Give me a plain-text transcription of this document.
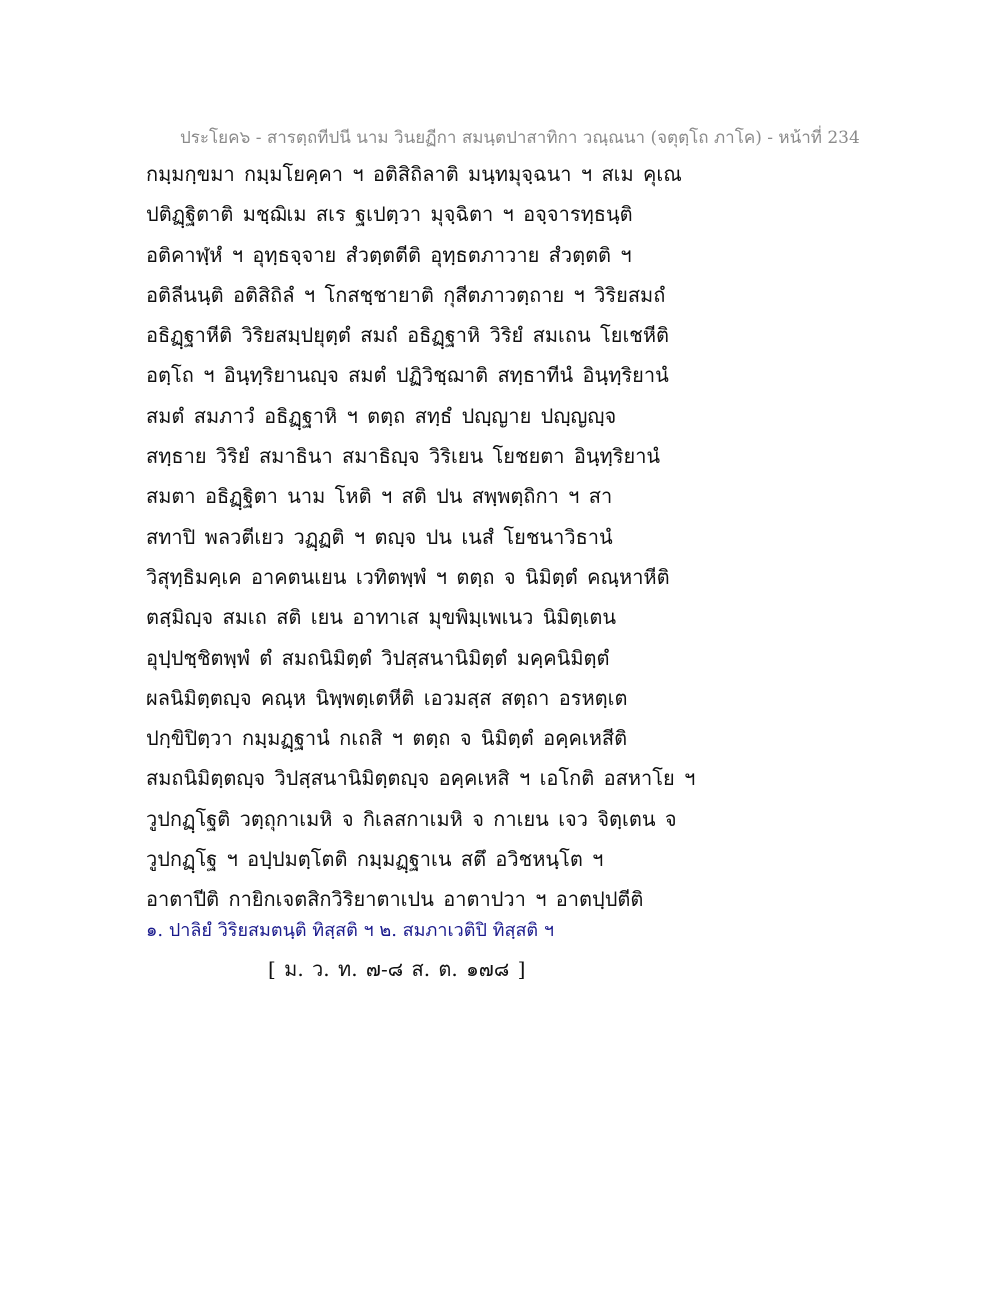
ประโยค๖ - สารตฺถทีปนี นาม วินยฏีกา สมนฺตปาสาทิกา วณฺณนา (จตุตฺโถ ภาโค) - หน้าที่ 234
กมฺมกฺขมา กมฺมโยคฺคา ฯ อติสิถิลาติ มนฺทมุจฺฉนา ฯ สเม คุเณ
ปติฏฺฐิตาติ มชฺฌิเม สเร ฐเปตฺวา มุจฺฉิตา ฯ อจฺจารทฺธนฺติ
อติคาฬฺหํ ฯ อุทฺธจฺจาย สํวตฺตตีติ อุทฺธตภาวาย สํวตฺตติ ฯ
อติลีนนฺติ อติสิถิลํ ฯ โกสชฺชายาติ กุสีตภาวตฺถาย ฯ วิริยสมถํ
อธิฏฺฐาหีติ วิริยสมฺปยุตฺตํ สมถํ อธิฏฺฐาหิ วิริยํ สมเถน โยเชหีติ
อตฺโถ ฯ อินฺทฺริยานญฺจ สมตํ ปฏิวิชฺฌาติ สทฺธาทีนํ อินฺทฺริยานํ
สมตํ สมภาวํ อธิฏฺฐาหิ ฯ ตตฺถ สทฺธํ ปญฺญาย ปญฺญญฺจ
สทฺธาย วิริยํ สมาธินา สมาธิญฺจ วิริเยน โยชยตา อินฺทฺริยานํ
สมตา อธิฏฺฐิตา นาม โหติ ฯ สติ ปน สพฺพตฺถิกา ฯ สา
สทาปิ พลวตีเยว วฏฺฏติ ฯ ตญฺจ ปน เนสํ โยชนาวิธานํ
วิสุทฺธิมคฺเค อาคตนเยน เวทิตพฺพํ ฯ ตตฺถ จ นิมิตฺตํ คณฺหาหีติ
ตสฺมิญฺจ สมเถ สติ เยน อาทาเส มุขพิมฺเพเนว นิมิตฺเตน
อุปฺปชฺชิตพฺพํ ตํ สมถนิมิตฺตํ วิปสฺสนานิมิตฺตํ มคฺคนิมิตฺตํ
ผลนิมิตฺตญฺจ คณฺห นิพฺพตฺเตหีติ เอวมสฺส สตฺถา อรหตฺเต
ปกฺขิปิตฺวา กมฺมฏฺฐานํ กเถสิ ฯ ตตฺถ จ นิมิตฺตํ อคฺคเหสีติ
สมถนิมิตฺตญฺจ วิปสฺสนานิมิตฺตญฺจ อคฺคเหสิ ฯ เอโกติ อสหาโย ฯ
วูปกฏฺโฐติ วตฺถุกาเมหิ จ กิเลสกาเมหิ จ กาเยน เจว จิตฺเตน จ
วูปกฏฺโฐ ฯ อปฺปมตฺโตติ กมฺมฏฺฐาเน สตึ อวิชหนฺโต ฯ
อาตาปีติ กายิกเจตสิกวิริยาตาเปน อาตาปวา ฯ อาตปฺปตีติ
๑. ปาลิยํ วิริยสมตนฺติ ทิสฺสติ ฯ ๒. สมภาเวติปิ ทิสฺสติ ฯ
[ ม. ว. ท. ๗-๘ ส. ต. ๑๗๘ ]
